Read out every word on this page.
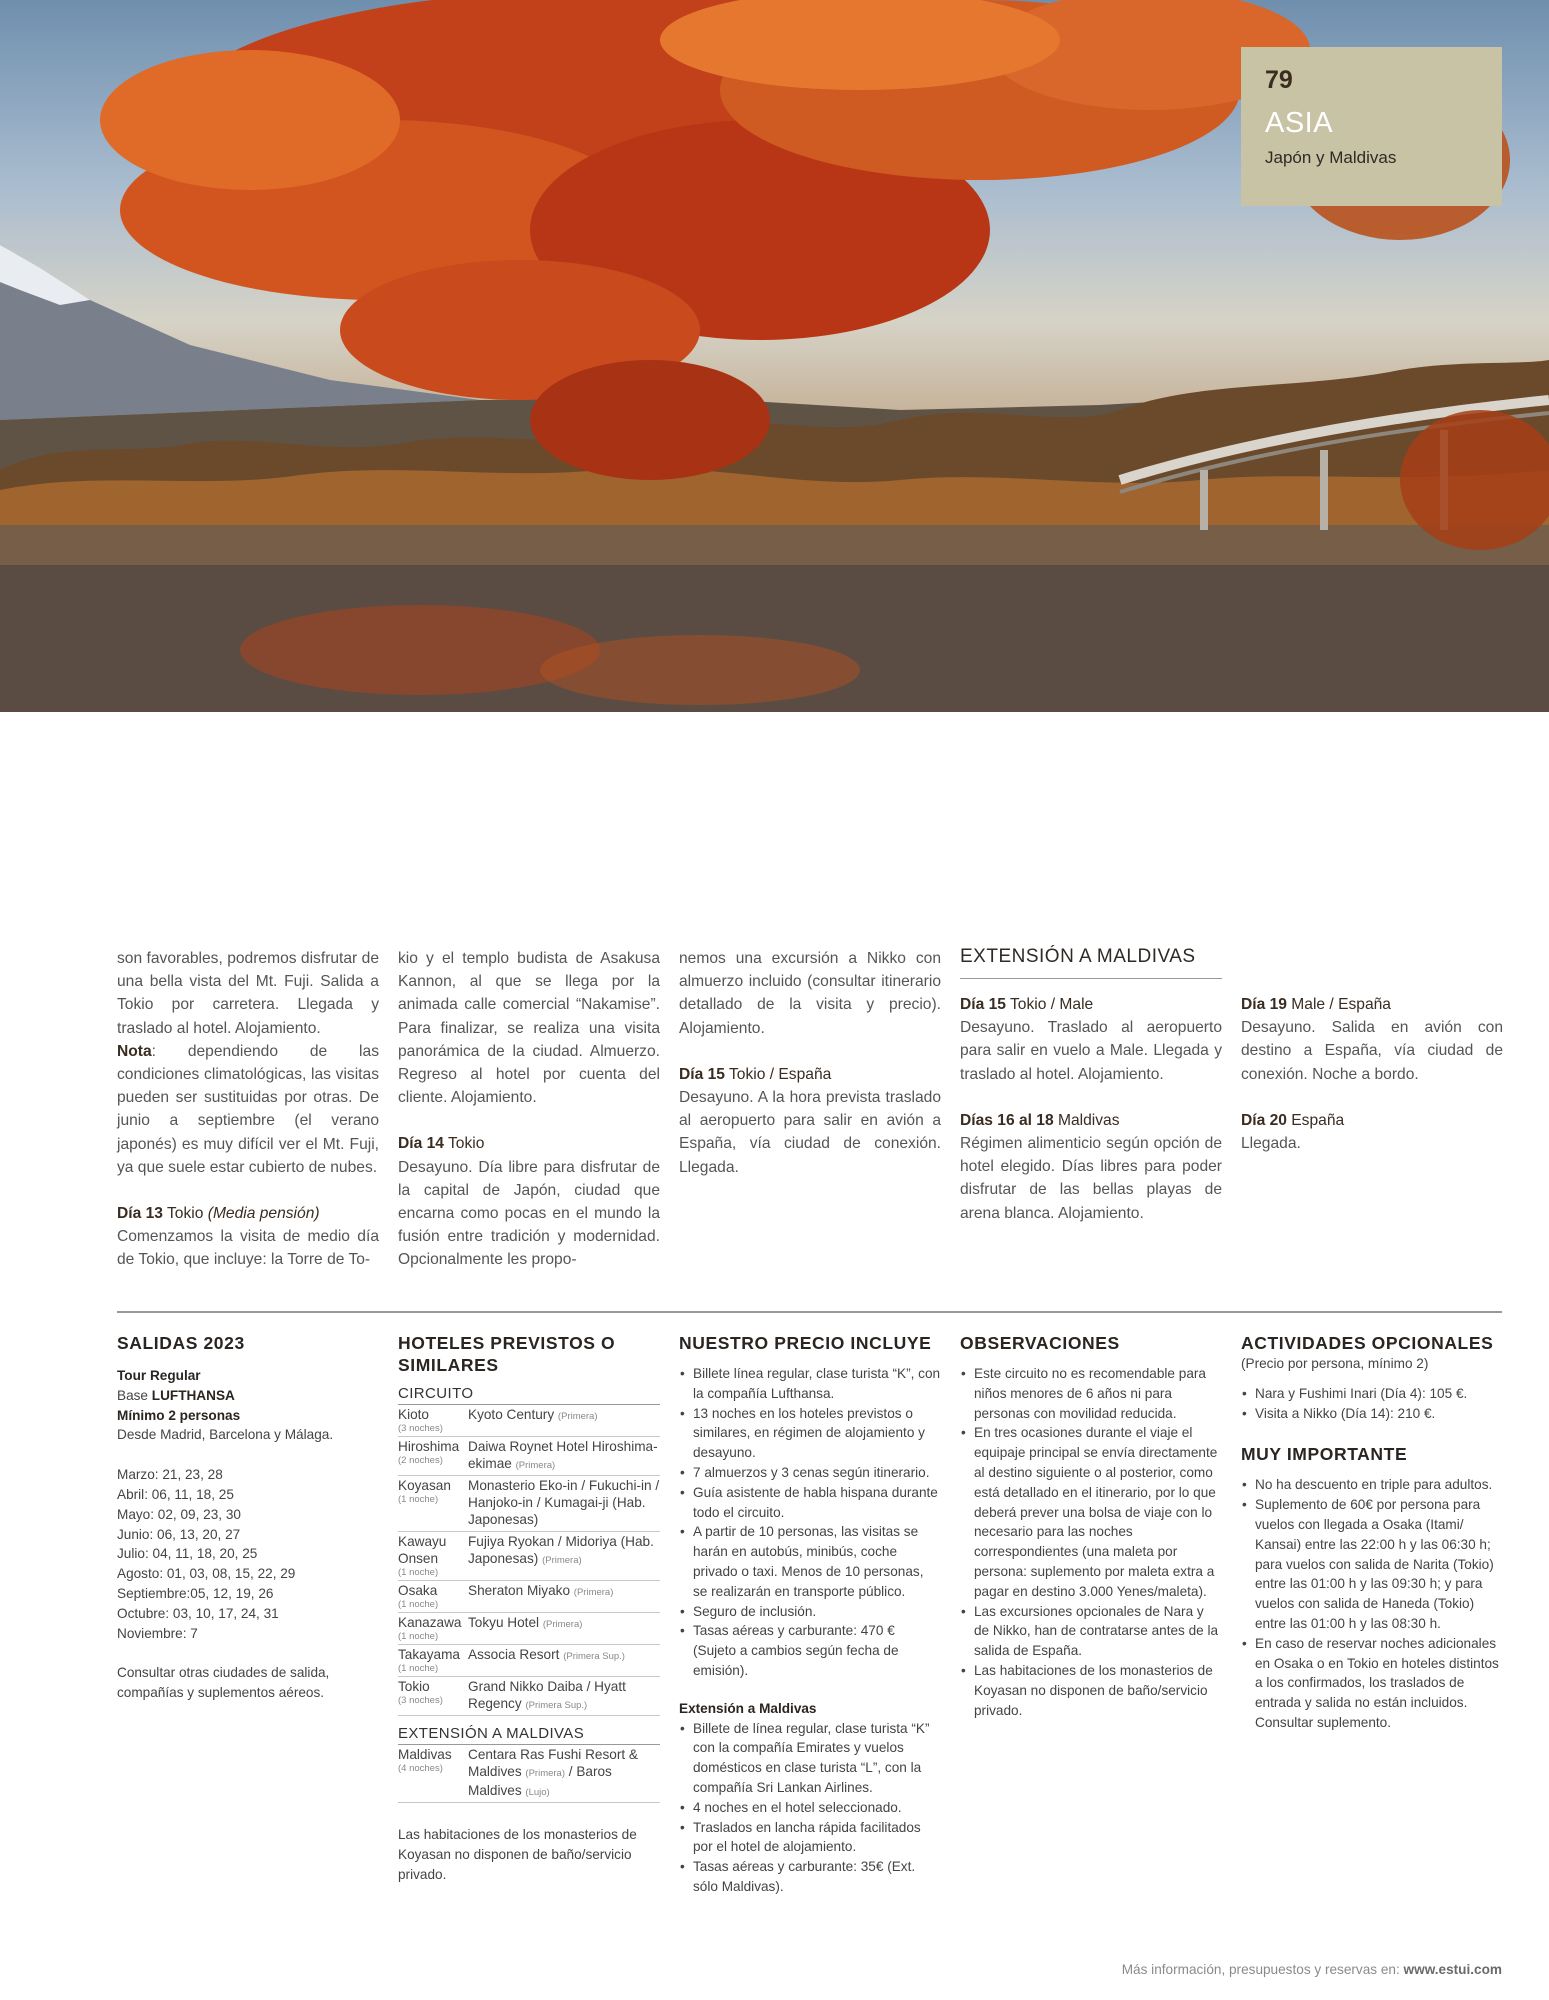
79
ASIA
Japón y Maldivas

son favorables, podremos disfrutar de una bella vista del Mt. Fuji. Salida a Tokio por carretera. Llegada y traslado al hotel. Alojamiento.

Nota: dependiendo de las condiciones climatológicas, las visitas pueden ser sustituidas por otras. De junio a septiembre (el verano japonés) es muy difícil ver el Mt. Fuji, ya que suele estar cubierto de nubes.

Día 13 Tokio (Media pensión)

Comenzamos la visita de medio día de Tokio, que incluye: la Torre de To-

kio y el templo budista de Asakusa Kannon, al que se llega por la animada calle comercial “Nakamise”. Para finalizar, se realiza una visita panorámica de la ciudad. Almuerzo. Regreso al hotel por cuenta del cliente. Alojamiento.

Día 14 Tokio

Desayuno. Día libre para disfrutar de la capital de Japón, ciudad que encarna como pocas en el mundo la fusión entre tradición y modernidad. Opcionalmente les propo-

nemos una excursión a Nikko con almuerzo incluido (consultar itinerario detallado de la visita y precio). Alojamiento.

Día 15 Tokio / España

Desayuno. A la hora prevista traslado al aeropuerto para salir en avión a España, vía ciudad de conexión. Llegada.

EXTENSIÓN A MALDIVAS

Día 15 Tokio / Male

Desayuno. Traslado al aeropuerto para salir en vuelo a Male. Llegada y traslado al hotel. Alojamiento.

Días 16 al 18 Maldivas

Régimen alimenticio según opción de hotel elegido. Días libres para poder disfrutar de las bellas playas de arena blanca. Alojamiento.

Día 19 Male / España

Desayuno. Salida en avión con destino a España, vía ciudad de conexión. Noche a bordo.

Día 20 España

Llegada.

SALIDAS 2023

Tour Regular

Base LUFTHANSA

Mínimo 2 personas

Desde Madrid, Barcelona y Málaga.

Marzo: 21, 23, 28

Abril: 06, 11, 18, 25

Mayo: 02, 09, 23, 30

Junio: 06, 13, 20, 27

Julio: 04, 11, 18, 20, 25

Agosto: 01, 03, 08, 15, 22, 29

Septiembre:05, 12, 19, 26

Octubre: 03, 10, 17, 24, 31

Noviembre: 7

Consultar otras ciudades de salida, compañías y suplementos aéreos.

HOTELES PREVISTOS O SIMILARES
CIRCUITO
Kioto
(3 noches)
Kyoto Century (Primera)
Hiroshima
(2 noches)
Daiwa Roynet Hotel Hiroshima-ekimae (Primera)
Koyasan
(1 noche)
Monasterio Eko-in / Fukuchi-in / Hanjoko-in / Kumagai-ji (Hab. Japonesas)
Kawayu Onsen
(1 noche)
Fujiya Ryokan / Midoriya (Hab. Japonesas) (Primera)
Osaka
(1 noche)
Sheraton Miyako (Primera)
Kanazawa
(1 noche)
Tokyu Hotel (Primera)
Takayama
(1 noche)
Associa Resort (Primera Sup.)
Tokio
(3 noches)
Grand Nikko Daiba / Hyatt Regency (Primera Sup.)
EXTENSIÓN A MALDIVAS
Maldivas
(4 noches)
Centara Ras Fushi Resort & Maldives (Primera) / Baros Maldives (Lujo)

Las habitaciones de los monasterios de Koyasan no disponen de baño/servicio privado.

NUESTRO PRECIO INCLUYE
• Billete línea regular, clase turista “K”, con la compañía Lufthansa.
• 13 noches en los hoteles previstos o similares, en régimen de alojamiento y desayuno.
• 7 almuerzos y 3 cenas según itinerario.
• Guía asistente de habla hispana durante todo el circuito.
• A partir de 10 personas, las visitas se harán en autobús, minibús, coche privado o taxi. Menos de 10 personas, se realizarán en transporte público.
• Seguro de inclusión.
• Tasas aéreas y carburante: 470 € (Sujeto a cambios según fecha de emisión).

Extensión a Maldivas

• Billete de línea regular, clase turista “K” con la compañía Emirates y vuelos domésticos en clase turista “L”, con la compañía Sri Lankan Airlines.
• 4 noches en el hotel seleccionado.
• Traslados en lancha rápida facilitados por el hotel de alojamiento.
• Tasas aéreas y carburante: 35€ (Ext. sólo Maldivas).
OBSERVACIONES
• Este circuito no es recomendable para niños menores de 6 años ni para personas con movilidad reducida.
• En tres ocasiones durante el viaje el equipaje principal se envía directamente al destino siguiente o al posterior, como está detallado en el itinerario, por lo que deberá prever una bolsa de viaje con lo necesario para las noches correspondientes (una maleta por persona: suplemento por maleta extra a pagar en destino 3.000 Yenes/maleta).
• Las excursiones opcionales de Nara y de Nikko, han de contratarse antes de la salida de España.
• Las habitaciones de los monasterios de Koyasan no disponen de baño/servicio privado.
ACTIVIDADES OPCIONALES

(Precio por persona, mínimo 2)

• Nara y Fushimi Inari (Día 4): 105 €.
• Visita a Nikko (Día 14): 210 €.
MUY IMPORTANTE
• No ha descuento en triple para adultos.
• Suplemento de 60€ por persona para vuelos con llegada a Osaka (Itami/ Kansai) entre las 22:00 h y las 06:30 h; para vuelos con salida de Narita (Tokio) entre las 01:00 h y las 09:30 h; y para vuelos con salida de Haneda (Tokio) entre las 01:00 h y las 08:30 h.
• En caso de reservar noches adicionales en Osaka o en Tokio en hoteles distintos a los confirmados, los traslados de entrada y salida no están incluidos. Consultar suplemento.
Más información, presupuestos y reservas en: www.estui.com
